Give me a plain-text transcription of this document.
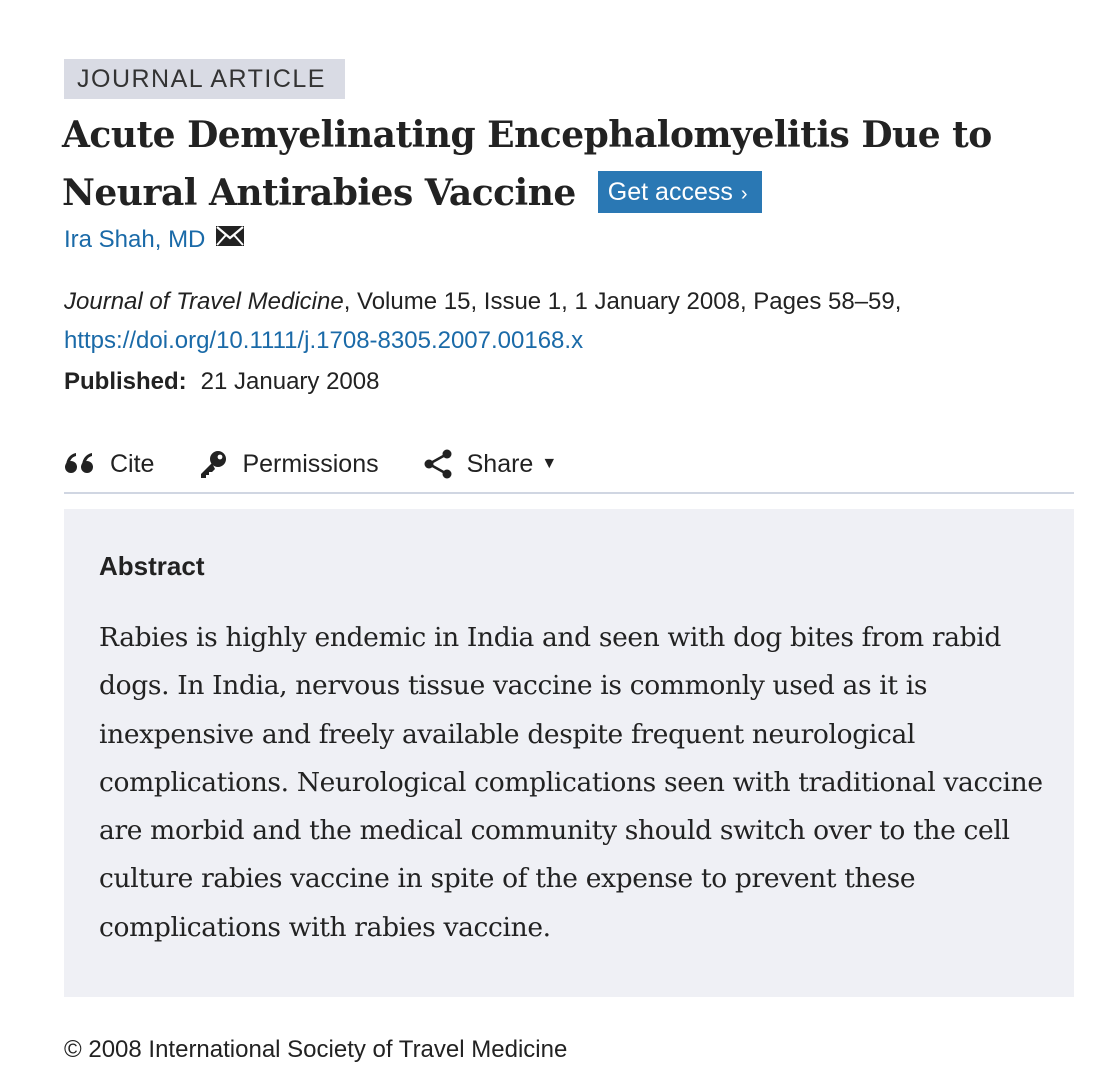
JOURNAL ARTICLE
Acute Demyelinating Encephalomyelitis Due to Neural Antirabies Vaccine Get access ›
Ira Shah, MD
Journal of Travel Medicine, Volume 15, Issue 1, 1 January 2008, Pages 58–59,
https://doi.org/10.1111/j.1708-8305.2007.00168.x
Published: 21 January 2008
Cite	Permissions	Share ▼
Abstract

Rabies is highly endemic in India and seen with dog bites from rabid dogs. In India, nervous tissue vaccine is commonly used as it is inexpensive and freely available despite frequent neurological complications. Neurological complications seen with traditional vaccine are morbid and the medical community should switch over to the cell culture rabies vaccine in spite of the expense to prevent these complications with rabies vaccine.

© 2008 International Society of Travel Medicine
